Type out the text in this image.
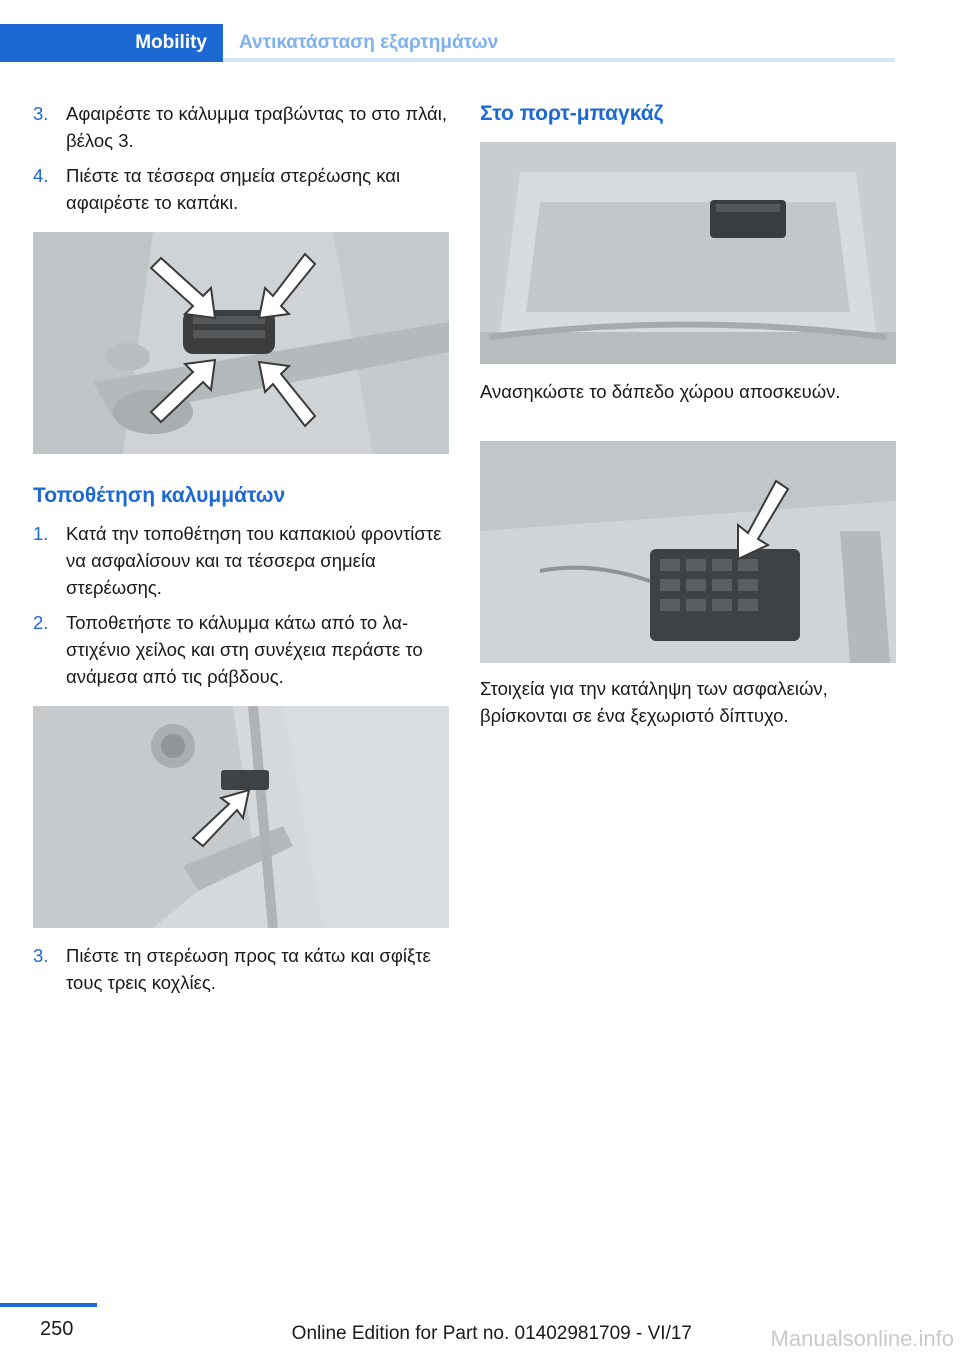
Mobility Αντικατάσταση εξαρτημάτων
3. Αφαιρέστε το κάλυμμα τραβώντας το στο πλάι, βέλος 3.
4. Πιέστε τα τέσσερα σημεία στερέωσης και αφαιρέστε το καπάκι.
Τοποθέτηση καλυμμάτων
1. Κατά την τοποθέτηση του καπακιού φροντίστε να ασφαλίσουν και τα τέσσερα σημεία στερέωσης.
2. Τοποθετήστε το κάλυμμα κάτω από το λαστιχένιο χείλος και στη συνέχεια περάστε το ανάμεσα από τις ράβδους.
3. Πιέστε τη στερέωση προς τα κάτω και σφίξτε τους τρεις κοχλίες.
Στο πορτ-μπαγκάζ

Ανασηκώστε το δάπεδο χώρου αποσκευών.

Στοιχεία για την κατάληψη των ασφαλειών, βρίσκονται σε ένα ξεχωριστό δίπτυχο.

250	Online Edition for Part no. 01402981709 - VI/17	Manualsonline.info
